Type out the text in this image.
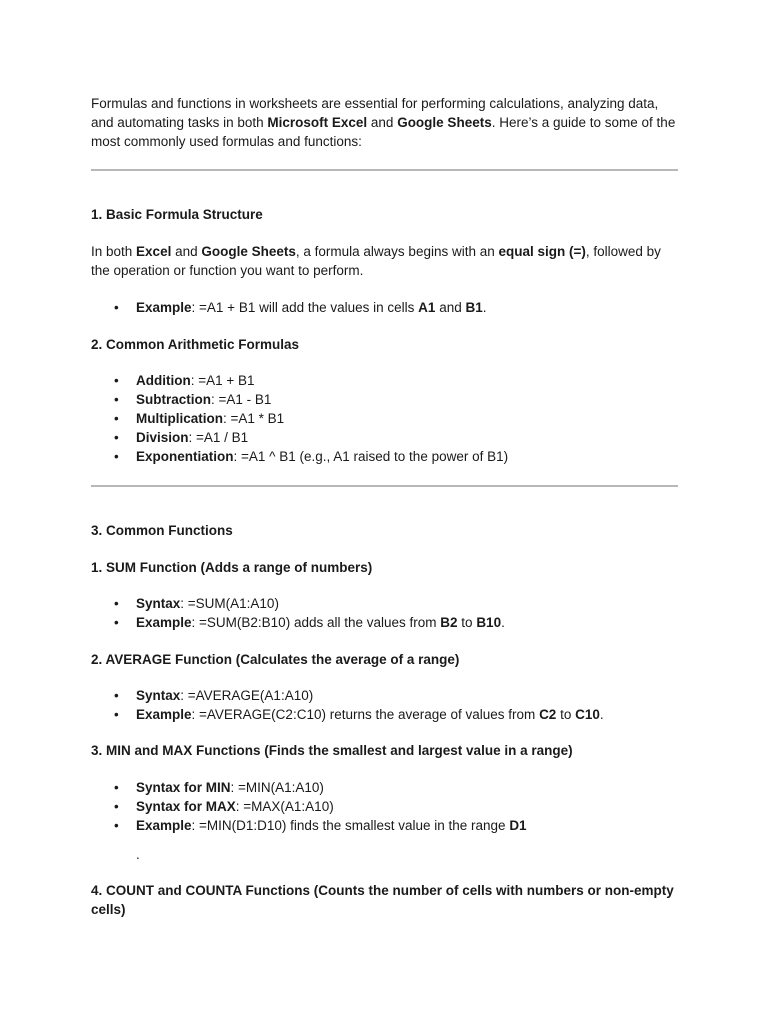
Formulas and functions in worksheets are essential for performing calculations, analyzing data, and automating tasks in both Microsoft Excel and Google Sheets. Here’s a guide to some of the most commonly used formulas and functions:

1. Basic Formula Structure

In both Excel and Google Sheets, a formula always begins with an equal sign (=), followed by the operation or function you want to perform.

• Example: =A1 + B1 will add the values in cells A1 and B1.
2. Common Arithmetic Formulas
• Addition: =A1 + B1
• Subtraction: =A1 - B1
• Multiplication: =A1 * B1
• Division: =A1 / B1
• Exponentiation: =A1 ^ B1 (e.g., A1 raised to the power of B1)
3. Common Functions
1. SUM Function (Adds a range of numbers)
• Syntax: =SUM(A1:A10)
• Example: =SUM(B2:B10) adds all the values from B2 to B10.
2. AVERAGE Function (Calculates the average of a range)
• Syntax: =AVERAGE(A1:A10)
• Example: =AVERAGE(C2:C10) returns the average of values from C2 to C10.
3. MIN and MAX Functions (Finds the smallest and largest value in a range)
• Syntax for MIN: =MIN(A1:A10)
• Syntax for MAX: =MAX(A1:A10)
• Example: =MIN(D1:D10) finds the smallest value in the range D1
.
4. COUNT and COUNTA Functions (Counts the number of cells with numbers or non-empty cells)
